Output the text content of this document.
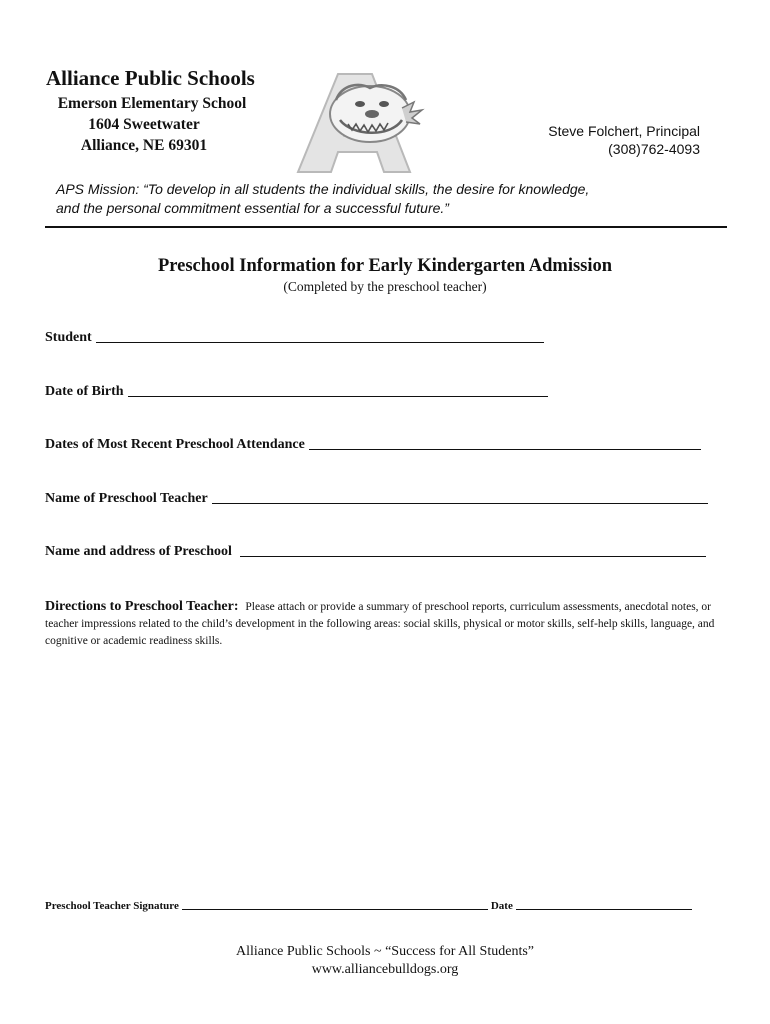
Alliance Public Schools
Emerson Elementary School
1604 Sweetwater
Alliance, NE 69301
Steve Folchert, Principal
(308)762-4093
APS Mission: “To develop in all students the individual skills, the desire for knowledge,
and the personal commitment essential for a successful future.”
Preschool Information for Early Kindergarten Admission
(Completed by the preschool teacher)
Student
Date of Birth
Dates of Most Recent Preschool Attendance
Name of Preschool Teacher
Name and address of Preschool
Directions to Preschool Teacher: Please attach or provide a summary of preschool reports, curriculum assessments, anecdotal notes, or teacher impressions related to the child’s development in the following areas: social skills, physical or motor skills, self-help skills, language, and cognitive or academic readiness skills.
Preschool Teacher Signature	Date
Alliance Public Schools ~ “Success for All Students”
www.alliancebulldogs.org
